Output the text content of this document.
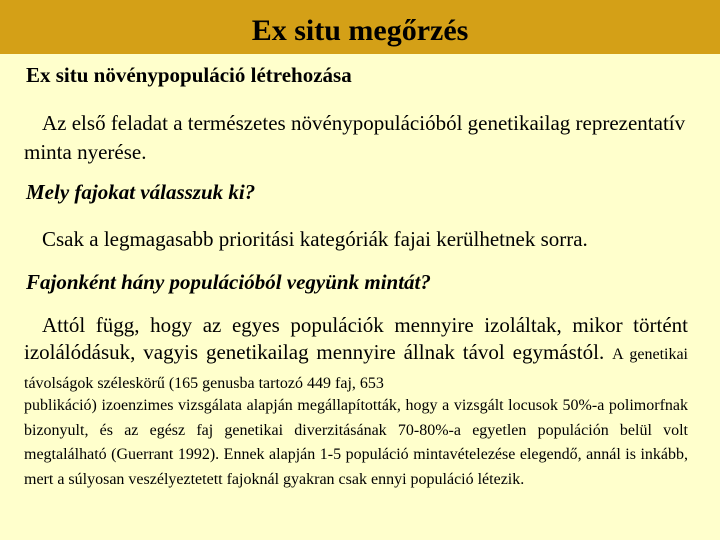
Ex situ megőrzés
Ex situ növénypopuláció létrehozása
Az első feladat a természetes növénypopulációból genetikailag reprezentatív minta nyerése.
Mely fajokat válasszuk ki?
Csak a legmagasabb prioritási kategóriák fajai kerülhetnek sorra.
Fajonként hány populációból vegyünk mintát?
Attól függ, hogy az egyes populációk mennyire izoláltak, mikor történt izolálódásuk, vagyis genetikailag mennyire állnak távol egymástól. A genetikai távolságok széleskörű (165 genusba tartozó 449 faj, 653
publikáció) izoenzimes vizsgálata alapján megállapították, hogy a vizsgált locusok 50%-a polimorfnak bizonyult, és az egész faj genetikai diverzitásának 70-80%-a egyetlen populáción belül volt megtalálható (Guerrant 1992). Ennek alapján 1-5 populáció mintavételezése elegendő, annál is inkább, mert a súlyosan veszélyeztetett fajoknál gyakran csak ennyi populáció létezik.
